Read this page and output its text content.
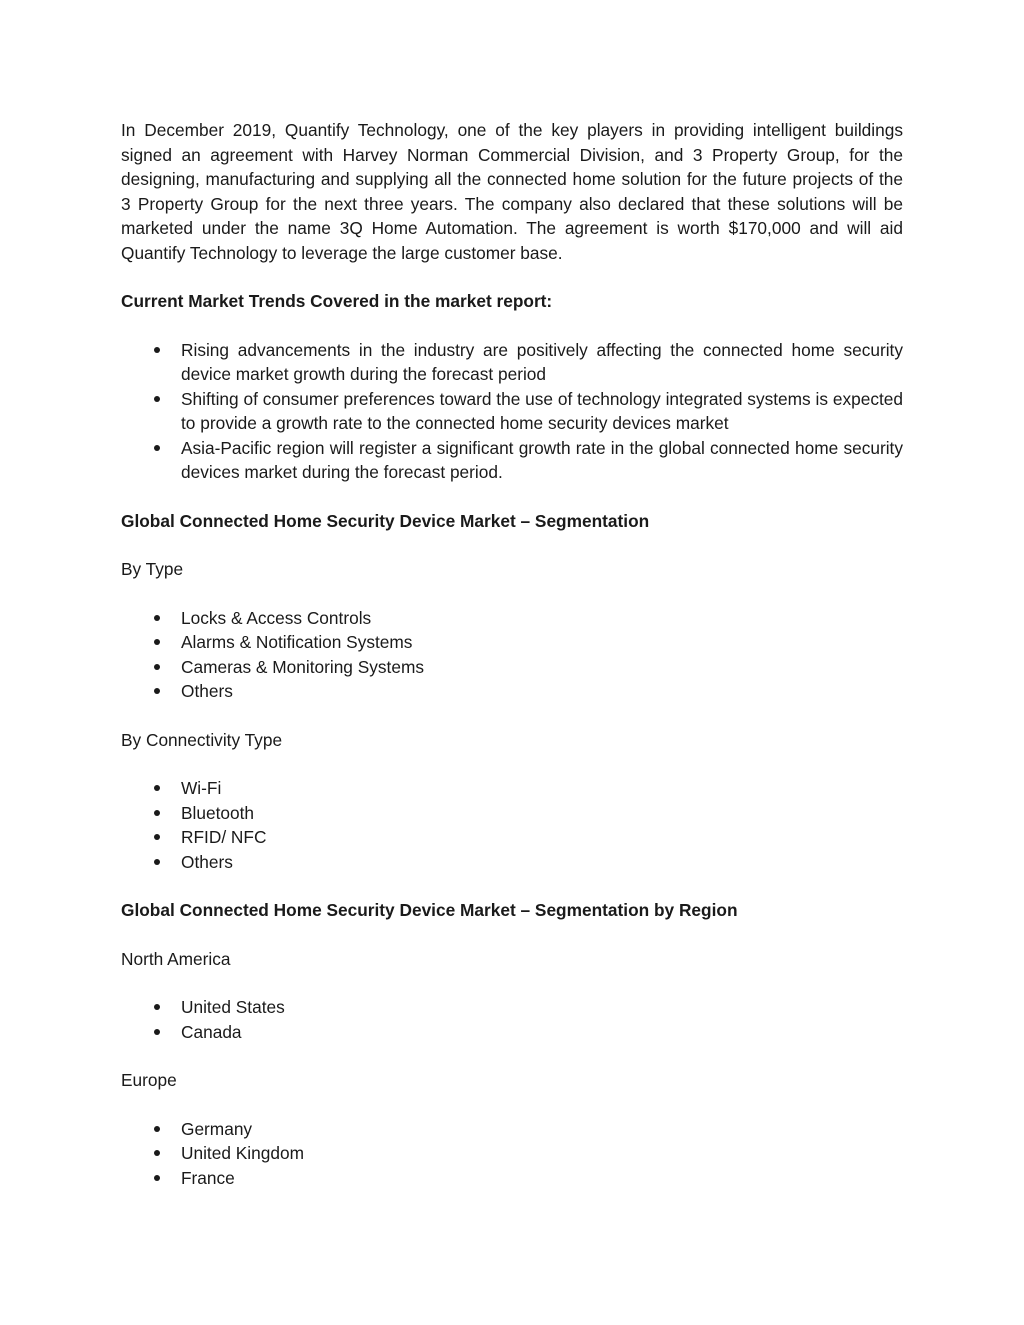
In December 2019, Quantify Technology, one of the key players in providing intelligent buildings signed an agreement with Harvey Norman Commercial Division, and 3 Property Group, for the designing, manufacturing and supplying all the connected home solution for the future projects of the 3 Property Group for the next three years. The company also declared that these solutions will be marketed under the name 3Q Home Automation. The agreement is worth $170,000 and will aid Quantify Technology to leverage the large customer base.

Current Market Trends Covered in the market report:

Rising advancements in the industry are positively affecting the connected home security device market growth during the forecast period
Shifting of consumer preferences toward the use of technology integrated systems is expected to provide a growth rate to the connected home security devices market
Asia-Pacific region will register a significant growth rate in the global connected home security devices market during the forecast period.

Global Connected Home Security Device Market – Segmentation

By Type

Locks & Access Controls
Alarms & Notification Systems
Cameras & Monitoring Systems
Others

By Connectivity Type

Wi-Fi
Bluetooth
RFID/ NFC
Others

Global Connected Home Security Device Market – Segmentation by Region

North America

United States
Canada

Europe

Germany
United Kingdom
France
